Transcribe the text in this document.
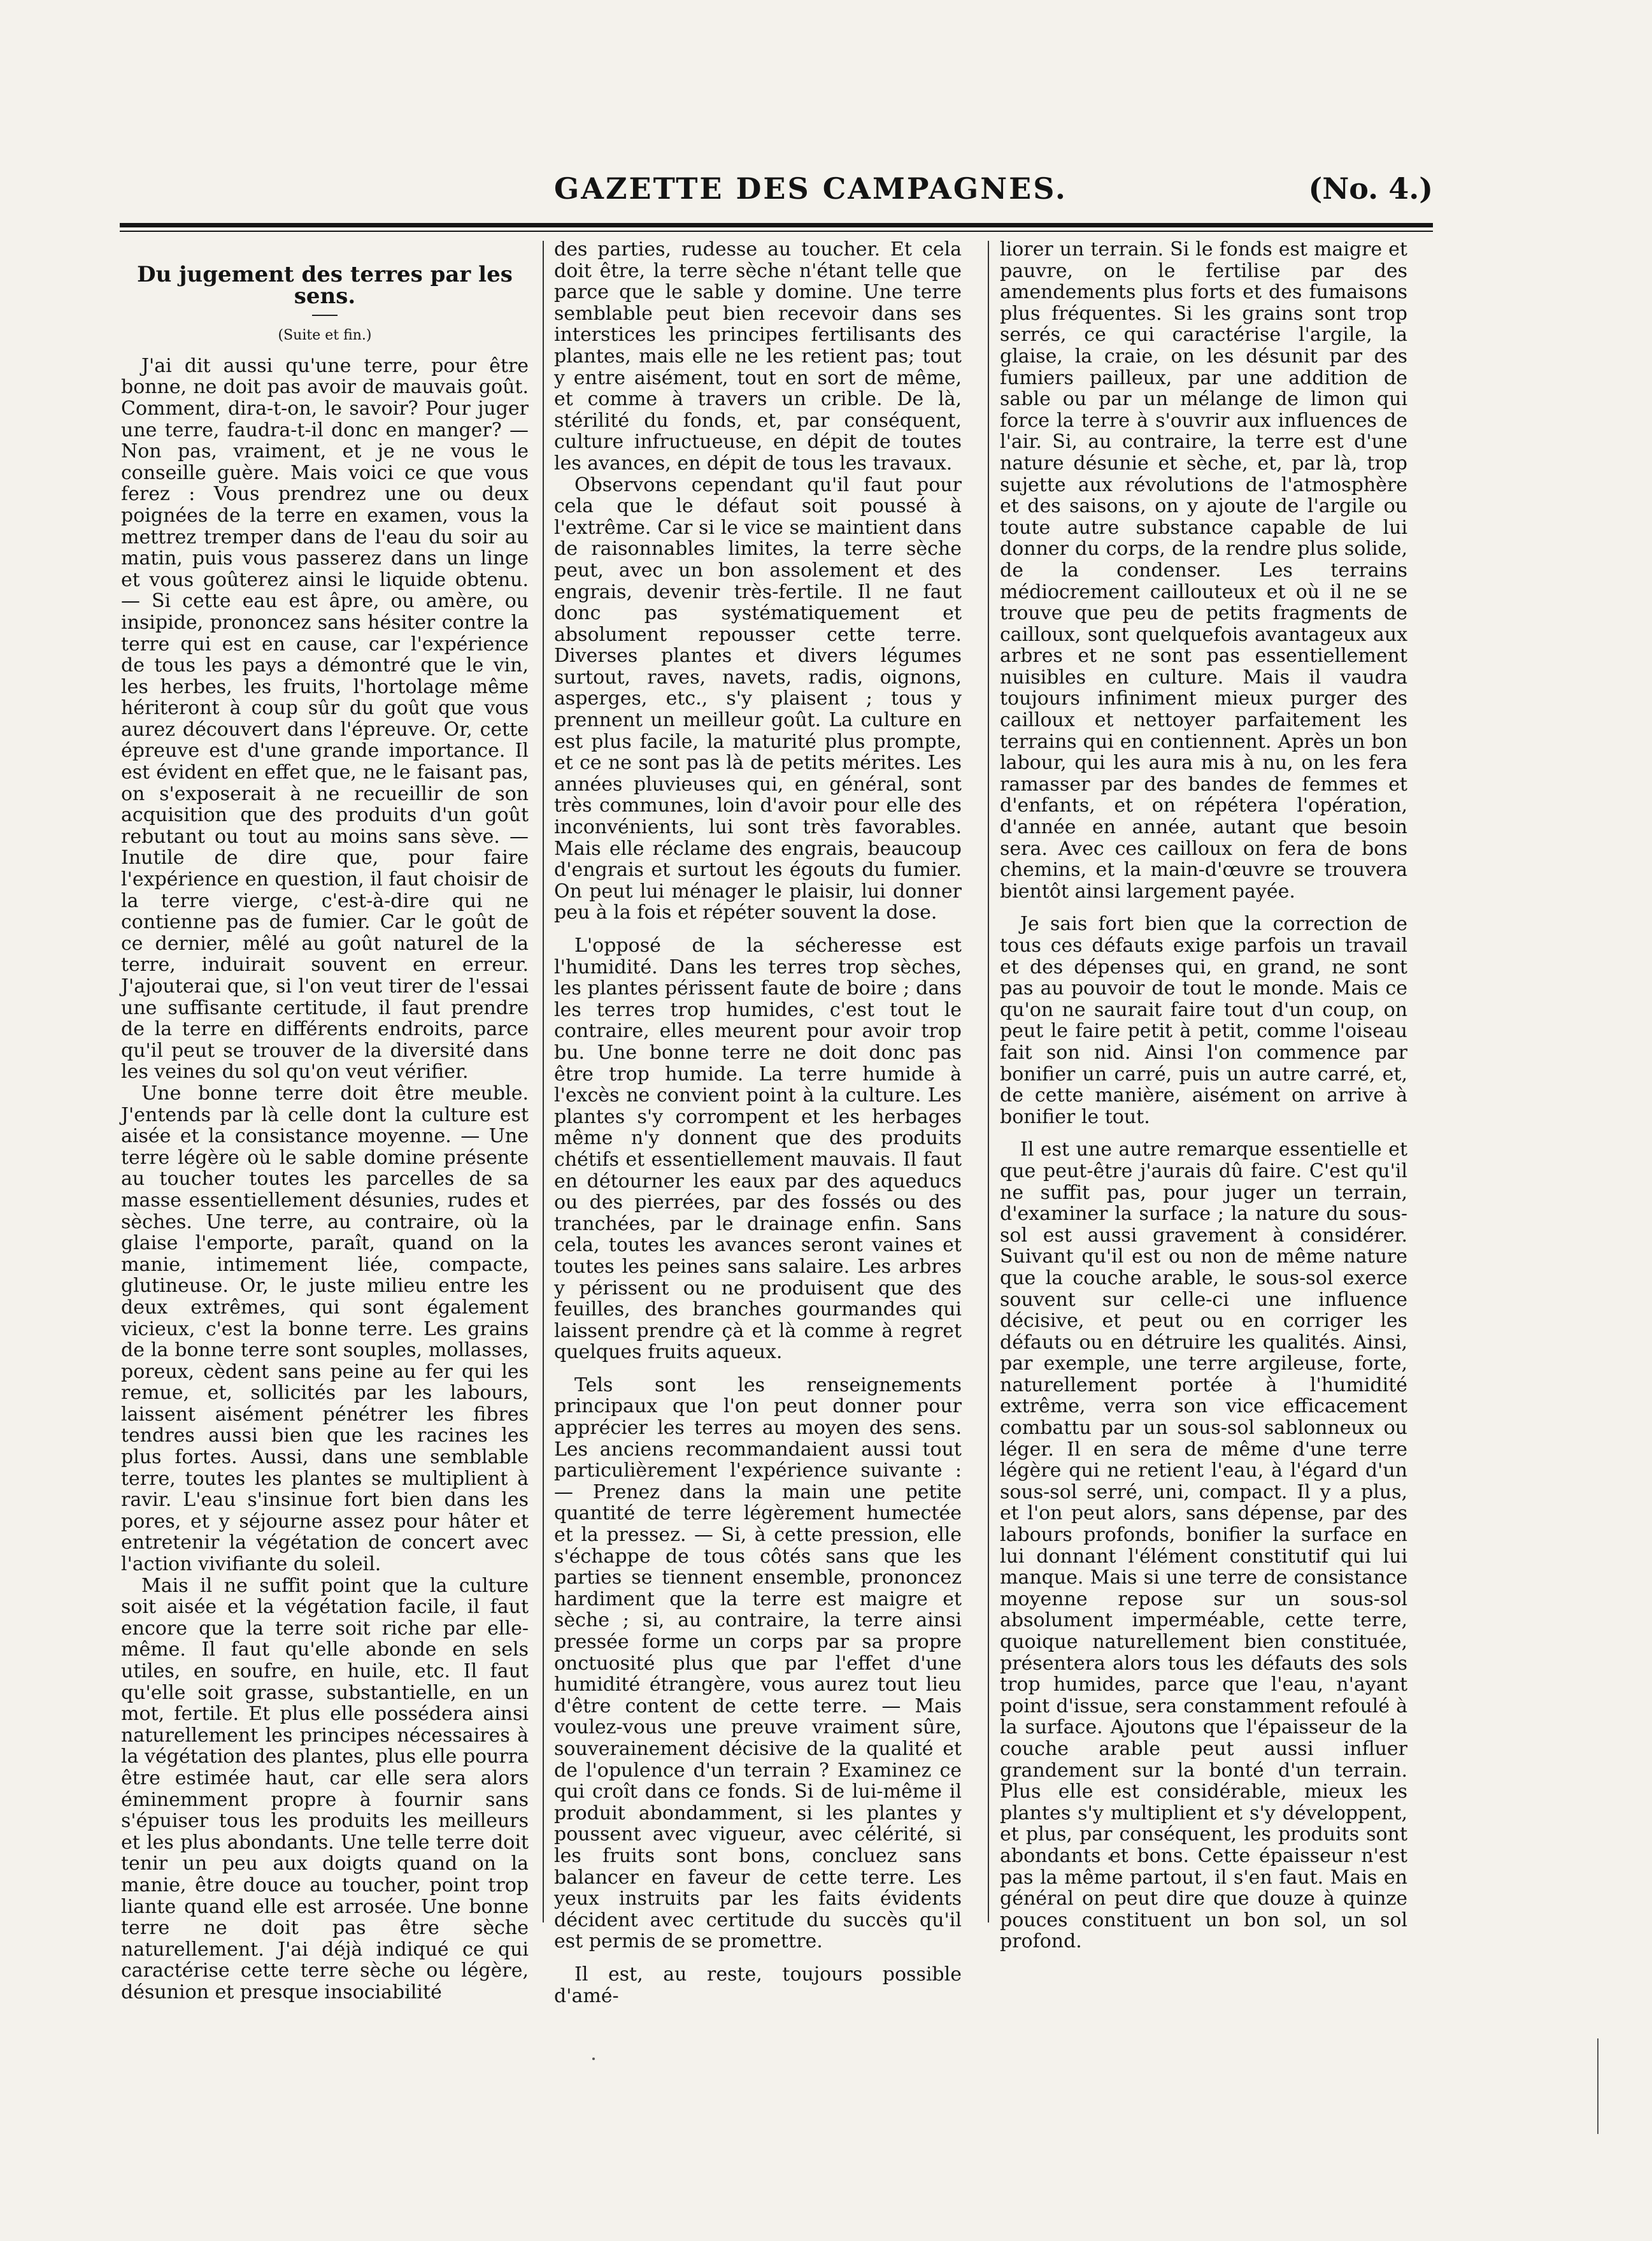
GAZETTE DES CAMPAGNES.	(No. 4.)
Du jugement des terres par les sens.
(Suite et fin.)

J'ai dit aussi qu'une terre, pour être bonne, ne doit pas avoir de mauvais goût. Comment, dira-t-on, le savoir? Pour juger une terre, faudra-t-il donc en manger? — Non pas, vraiment, et je ne vous le conseille guère. Mais voici ce que vous ferez : Vous prendrez une ou deux poignées de la terre en examen, vous la mettrez tremper dans de l'eau du soir au matin, puis vous passerez dans un linge et vous goûterez ainsi le liquide obtenu. — Si cette eau est âpre, ou amère, ou insipide, prononcez sans hésiter contre la terre qui est en cause, car l'expérience de tous les pays a démontré que le vin, les herbes, les fruits, l'hortolage même hériteront à coup sûr du goût que vous aurez découvert dans l'épreuve. Or, cette épreuve est d'une grande importance. Il est évident en effet que, ne le faisant pas, on s'exposerait à ne recueillir de son acquisition que des produits d'un goût rebutant ou tout au moins sans sève. — Inutile de dire que, pour faire l'expérience en question, il faut choisir de la terre vierge, c'est-à-dire qui ne contienne pas de fumier. Car le goût de ce dernier, mêlé au goût naturel de la terre, induirait souvent en erreur. J'ajouterai que, si l'on veut tirer de l'essai une suffisante certitude, il faut prendre de la terre en différents endroits, parce qu'il peut se trouver de la diversité dans les veines du sol qu'on veut vérifier.

Une bonne terre doit être meuble. J'entends par là celle dont la culture est aisée et la consistance moyenne. — Une terre légère où le sable domine présente au toucher toutes les parcelles de sa masse essentiellement désunies, rudes et sèches. Une terre, au contraire, où la glaise l'emporte, paraît, quand on la manie, intimement liée, compacte, glutineuse. Or, le juste milieu entre les deux extrêmes, qui sont également vicieux, c'est la bonne terre. Les grains de la bonne terre sont souples, mollasses, poreux, cèdent sans peine au fer qui les remue, et, sollicités par les labours, laissent aisément pénétrer les fibres tendres aussi bien que les racines les plus fortes. Aussi, dans une semblable terre, toutes les plantes se multiplient à ravir. L'eau s'insinue fort bien dans les pores, et y séjourne assez pour hâter et entretenir la végétation de concert avec l'action vivifiante du soleil.

Mais il ne suffit point que la culture soit aisée et la végétation facile, il faut encore que la terre soit riche par elle-même. Il faut qu'elle abonde en sels utiles, en soufre, en huile, etc. Il faut qu'elle soit grasse, substantielle, en un mot, fertile. Et plus elle possédera ainsi naturellement les principes nécessaires à la végétation des plantes, plus elle pourra être estimée haut, car elle sera alors éminemment propre à fournir sans s'épuiser tous les produits les meilleurs et les plus abondants. Une telle terre doit tenir un peu aux doigts quand on la manie, être douce au toucher, point trop liante quand elle est arrosée. Une bonne terre ne doit pas être sèche naturellement. J'ai déjà indiqué ce qui caractérise cette terre sèche ou légère, désunion et presque insociabilité

des parties, rudesse au toucher. Et cela doit être, la terre sèche n'étant telle que parce que le sable y domine. Une terre semblable peut bien recevoir dans ses interstices les principes fertilisants des plantes, mais elle ne les retient pas; tout y entre aisément, tout en sort de même, et comme à travers un crible. De là, stérilité du fonds, et, par conséquent, culture infructueuse, en dépit de toutes les avances, en dépit de tous les travaux.

Observons cependant qu'il faut pour cela que le défaut soit poussé à l'extrême. Car si le vice se maintient dans de raisonnables limites, la terre sèche peut, avec un bon assolement et des engrais, devenir très-fertile. Il ne faut donc pas systématiquement et absolument repousser cette terre. Diverses plantes et divers légumes surtout, raves, navets, radis, oignons, asperges, etc., s'y plaisent ; tous y prennent un meilleur goût. La culture en est plus facile, la maturité plus prompte, et ce ne sont pas là de petits mérites. Les années pluvieuses qui, en général, sont très communes, loin d'avoir pour elle des inconvénients, lui sont très favorables. Mais elle réclame des engrais, beaucoup d'engrais et surtout les égouts du fumier. On peut lui ménager le plaisir, lui donner peu à la fois et répéter souvent la dose.

L'opposé de la sécheresse est l'humidité. Dans les terres trop sèches, les plantes périssent faute de boire ; dans les terres trop humides, c'est tout le contraire, elles meurent pour avoir trop bu. Une bonne terre ne doit donc pas être trop humide. La terre humide à l'excès ne convient point à la culture. Les plantes s'y corrompent et les herbages même n'y donnent que des produits chétifs et essentiellement mauvais. Il faut en détourner les eaux par des aqueducs ou des pierrées, par des fossés ou des tranchées, par le drainage enfin. Sans cela, toutes les avances seront vaines et toutes les peines sans salaire. Les arbres y périssent ou ne produisent que des feuilles, des branches gourmandes qui laissent prendre çà et là comme à regret quelques fruits aqueux.

Tels sont les renseignements principaux que l'on peut donner pour apprécier les terres au moyen des sens. Les anciens recommandaient aussi tout particulièrement l'expérience suivante : — Prenez dans la main une petite quantité de terre légèrement humectée et la pressez. — Si, à cette pression, elle s'échappe de tous côtés sans que les parties se tiennent ensemble, prononcez hardiment que la terre est maigre et sèche ; si, au contraire, la terre ainsi pressée forme un corps par sa propre onctuosité plus que par l'effet d'une humidité étrangère, vous aurez tout lieu d'être content de cette terre. — Mais voulez-vous une preuve vraiment sûre, souverainement décisive de la qualité et de l'opulence d'un terrain ? Examinez ce qui croît dans ce fonds. Si de lui-même il produit abondamment, si les plantes y poussent avec vigueur, avec célérité, si les fruits sont bons, concluez sans balancer en faveur de cette terre. Les yeux instruits par les faits évidents décident avec certitude du succès qu'il est permis de se promettre.

Il est, au reste, toujours possible d'amé-

liorer un terrain. Si le fonds est maigre et pauvre, on le fertilise par des amendements plus forts et des fumaisons plus fréquentes. Si les grains sont trop serrés, ce qui caractérise l'argile, la glaise, la craie, on les désunit par des fumiers pailleux, par une addition de sable ou par un mélange de limon qui force la terre à s'ouvrir aux influences de l'air. Si, au contraire, la terre est d'une nature désunie et sèche, et, par là, trop sujette aux révolutions de l'atmosphère et des saisons, on y ajoute de l'argile ou toute autre substance capable de lui donner du corps, de la rendre plus solide, de la condenser. Les terrains médiocrement caillouteux et où il ne se trouve que peu de petits fragments de cailloux, sont quelquefois avantageux aux arbres et ne sont pas essentiellement nuisibles en culture. Mais il vaudra toujours infiniment mieux purger des cailloux et nettoyer parfaitement les terrains qui en contiennent. Après un bon labour, qui les aura mis à nu, on les fera ramasser par des bandes de femmes et d'enfants, et on répétera l'opération, d'année en année, autant que besoin sera. Avec ces cailloux on fera de bons chemins, et la main-d'œuvre se trouvera bientôt ainsi largement payée.

Je sais fort bien que la correction de tous ces défauts exige parfois un travail et des dépenses qui, en grand, ne sont pas au pouvoir de tout le monde. Mais ce qu'on ne saurait faire tout d'un coup, on peut le faire petit à petit, comme l'oiseau fait son nid. Ainsi l'on commence par bonifier un carré, puis un autre carré, et, de cette manière, aisément on arrive à bonifier le tout.

Il est une autre remarque essentielle et que peut-être j'aurais dû faire. C'est qu'il ne suffit pas, pour juger un terrain, d'examiner la surface ; la nature du sous-sol est aussi gravement à considérer. Suivant qu'il est ou non de même nature que la couche arable, le sous-sol exerce souvent sur celle-ci une influence décisive, et peut ou en corriger les défauts ou en détruire les qualités. Ainsi, par exemple, une terre argileuse, forte, naturellement portée à l'humidité extrême, verra son vice efficacement combattu par un sous-sol sablonneux ou léger. Il en sera de même d'une terre légère qui ne retient l'eau, à l'égard d'un sous-sol serré, uni, compact. Il y a plus, et l'on peut alors, sans dépense, par des labours profonds, bonifier la surface en lui donnant l'élément constitutif qui lui manque. Mais si une terre de consistance moyenne repose sur un sous-sol absolument imperméable, cette terre, quoique naturellement bien constituée, présentera alors tous les défauts des sols trop humides, parce que l'eau, n'ayant point d'issue, sera constamment refoulé à la surface. Ajoutons que l'épaisseur de la couche arable peut aussi influer grandement sur la bonté d'un terrain. Plus elle est considérable, mieux les plantes s'y multiplient et s'y développent, et plus, par conséquent, les produits sont abondants et bons. Cette épaisseur n'est pas la même partout, il s'en faut. Mais en général on peut dire que douze à quinze pouces constituent un bon sol, un sol profond.
